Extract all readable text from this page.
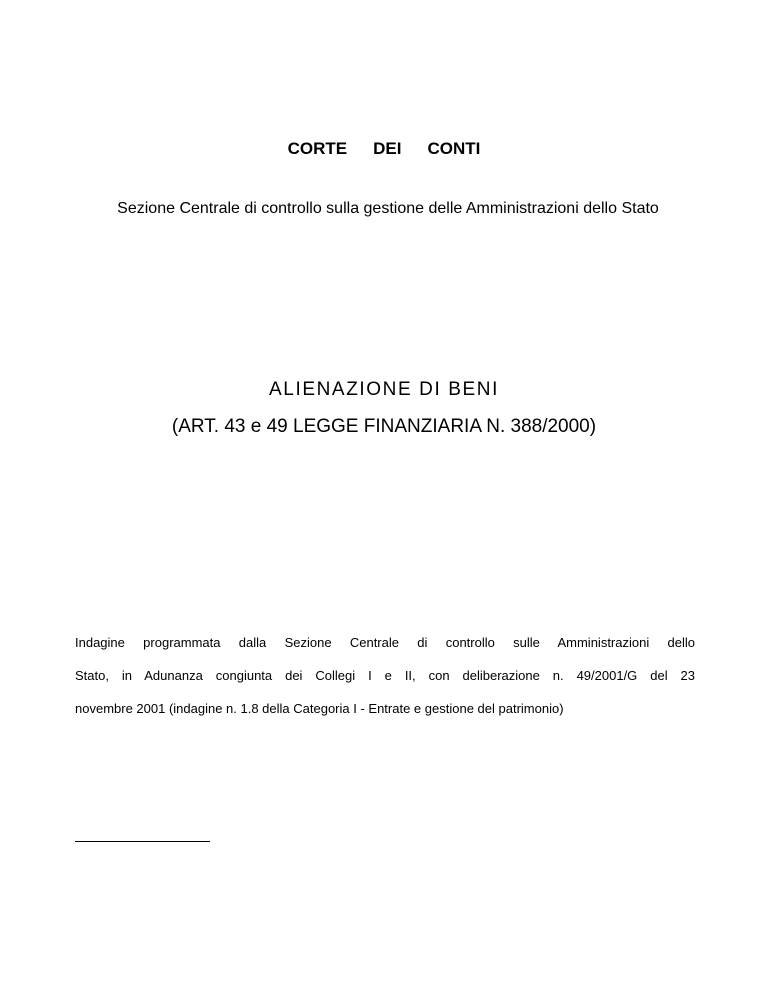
CORTE DEI CONTI
Sezione Centrale di controllo sulla gestione delle Amministrazioni dello Stato
ALIENAZIONE DI BENI
(ART. 43 e 49 LEGGE FINANZIARIA N. 388/2000)
Indagine programmata dalla Sezione Centrale di controllo sulle Amministrazioni dello
Stato, in Adunanza congiunta dei Collegi I e II, con deliberazione n. 49/2001/G del 23
novembre 2001 (indagine n. 1.8 della Categoria I - Entrate e gestione del patrimonio)
